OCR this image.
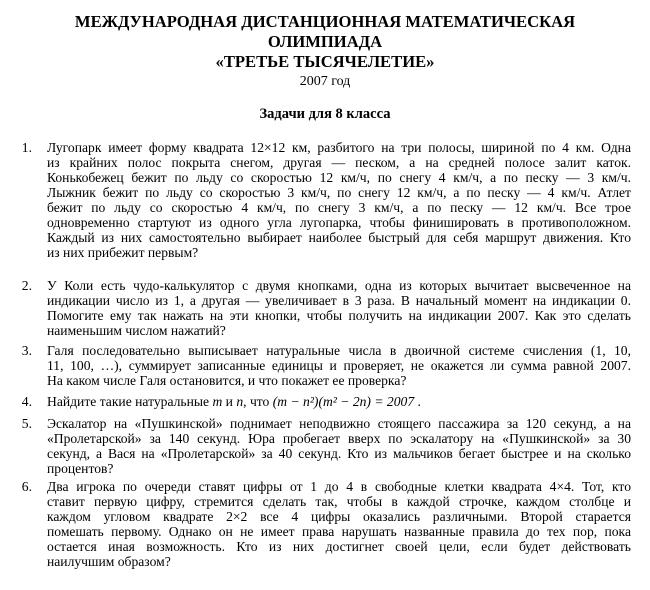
МЕЖДУНАРОДНАЯ ДИСТАНЦИОННАЯ МАТЕМАТИЧЕСКАЯ
ОЛИМПИАДА
«ТРЕТЬЕ ТЫСЯЧЕЛЕТИЕ»
2007 год
Задачи для 8 класса
1. Лугопарк имеет форму квадрата 12×12 км, разбитого на три полосы, шириной по 4 км. Одна
из крайних полос покрыта снегом, другая — песком, а на средней полосе залит каток.
Конькобежец бежит по льду со скоростью 12 км/ч, по снегу 4 км/ч, а по песку — 3 км/ч.
Лыжник бежит по льду со скоростью 3 км/ч, по снегу 12 км/ч, а по песку — 4 км/ч. Атлет
бежит по льду со скоростью 4 км/ч, по снегу 3 км/ч, а по песку — 12 км/ч. Все трое
одновременно стартуют из одного угла лугопарка, чтобы финишировать в противоположном.
Каждый из них самостоятельно выбирает наиболее быстрый для себя маршрут движения. Кто
из них прибежит первым?
2. У Коли есть чудо-калькулятор с двумя кнопками, одна из которых вычитает высвеченное на
индикации число из 1, а другая — увеличивает в 3 раза. В начальный момент на индикации 0.
Помогите ему так нажать на эти кнопки, чтобы получить на индикации 2007. Как это сделать
наименьшим числом нажатий?
3. Галя последовательно выписывает натуральные числа в двоичной системе счисления (1, 10,
11, 100, …), суммирует записанные единицы и проверяет, не окажется ли сумма равной 2007.
На каком числе Галя остановится, и что покажет ее проверка?
4. Найдите такие натуральные m и n, что (m − n²)(m² − 2n) = 2007 .
5. Эскалатор на «Пушкинской» поднимает неподвижно стоящего пассажира за 120 секунд, а на
«Пролетарской» за 140 секунд. Юра пробегает вверх по эскалатору на «Пушкинской» за 30
секунд, а Вася на «Пролетарской» за 40 секунд. Кто из мальчиков бегает быстрее и на сколько
процентов?
6. Два игрока по очереди ставят цифры от 1 до 4 в свободные клетки квадрата 4×4. Тот, кто
ставит первую цифру, стремится сделать так, чтобы в каждой строчке, каждом столбце и
каждом угловом квадрате 2×2 все 4 цифры оказались различными. Второй старается
помешать первому. Однако он не имеет права нарушать названные правила до тех пор, пока
остается иная возможность. Кто из них достигнет своей цели, если будет действовать
наилучшим образом?
